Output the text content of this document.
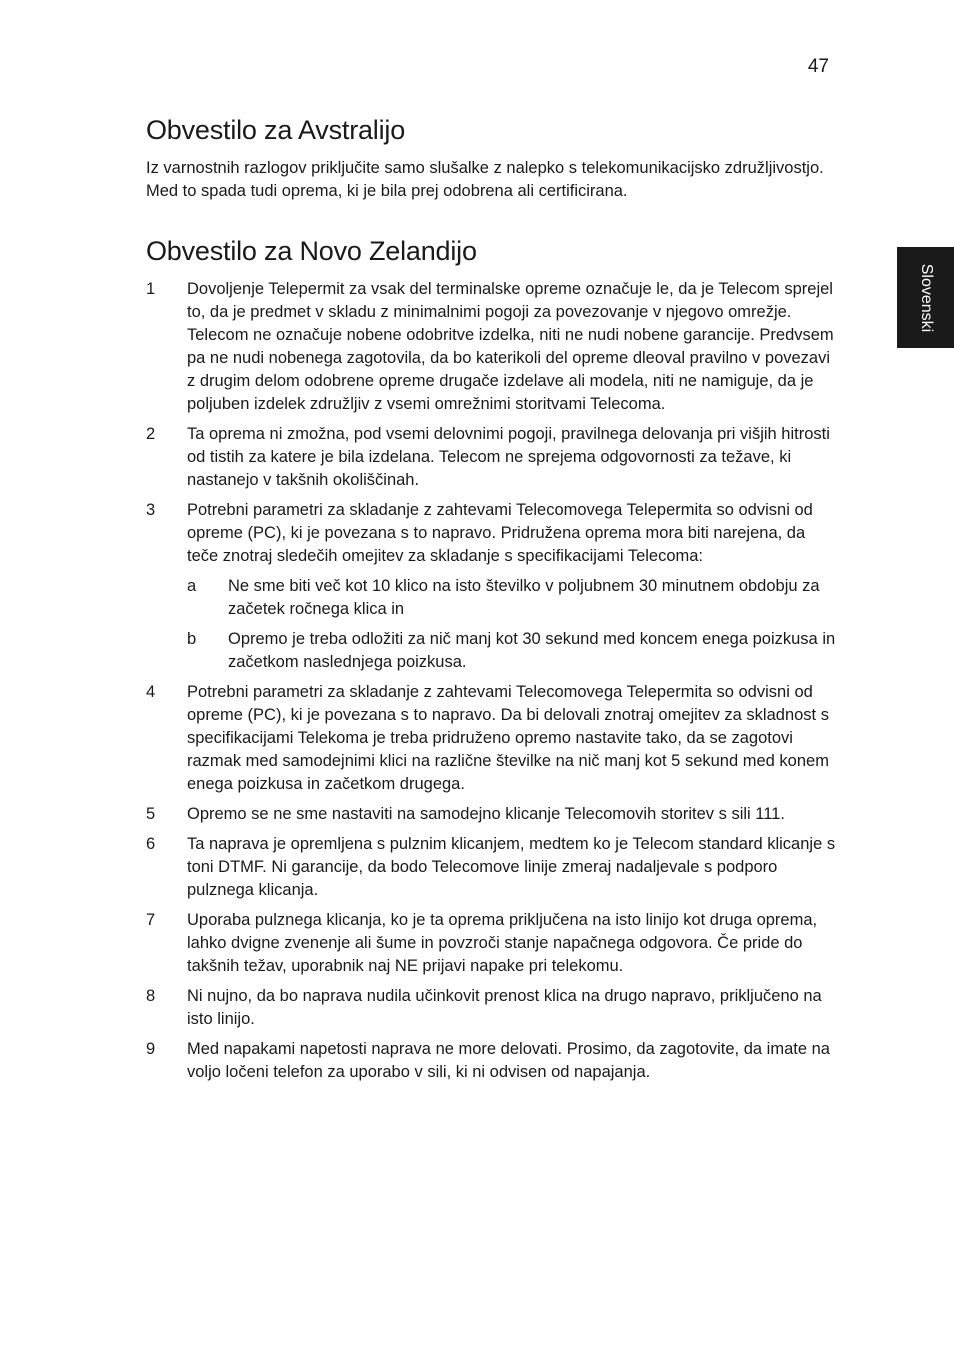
47
Slovenski
Obvestilo za Avstralijo

Iz varnostnih razlogov priključite samo slušalke z nalepko s telekomunikacijsko združljivostjo. Med to spada tudi oprema, ki je bila prej odobrena ali certificirana.

Obvestilo za Novo Zelandijo
1 Dovoljenje Telepermit za vsak del terminalske opreme označuje le, da je Telecom sprejel to, da je predmet v skladu z minimalnimi pogoji za povezovanje v njegovo omrežje. Telecom ne označuje nobene odobritve izdelka, niti ne nudi nobene garancije. Predvsem pa ne nudi nobenega zagotovila, da bo katerikoli del opreme dleoval pravilno v povezavi z drugim delom odobrene opreme drugače izdelave ali modela, niti ne namiguje, da je poljuben izdelek združljiv z vsemi omrežnimi storitvami Telecoma.
2 Ta oprema ni zmožna, pod vsemi delovnimi pogoji, pravilnega delovanja pri višjih hitrosti od tistih za katere je bila izdelana. Telecom ne sprejema odgovornosti za težave, ki nastanejo v takšnih okoliščinah.
3 Potrebni parametri za skladanje z zahtevami Telecomovega Telepermita so odvisni od opreme (PC), ki je povezana s to napravo. Pridružena oprema mora biti narejena, da teče znotraj sledečih omejitev za skladanje s specifikacijami Telecoma:
a Ne sme biti več kot 10 klico na isto številko v poljubnem 30 minutnem obdobju za začetek ročnega klica in
b Opremo je treba odložiti za nič manj kot 30 sekund med koncem enega poizkusa in začetkom naslednjega poizkusa.
4 Potrebni parametri za skladanje z zahtevami Telecomovega Telepermita so odvisni od opreme (PC), ki je povezana s to napravo. Da bi delovali znotraj omejitev za skladnost s specifikacijami Telekoma je treba pridruženo opremo nastavite tako, da se zagotovi razmak med samodejnimi klici na različne številke na nič manj kot 5 sekund med konem enega poizkusa in začetkom drugega.
5 Opremo se ne sme nastaviti na samodejno klicanje Telecomovih storitev s sili 111.
6 Ta naprava je opremljena s pulznim klicanjem, medtem ko je Telecom standard klicanje s toni DTMF. Ni garancije, da bodo Telecomove linije zmeraj nadaljevale s podporo pulznega klicanja.
7 Uporaba pulznega klicanja, ko je ta oprema priključena na isto linijo kot druga oprema, lahko dvigne zvenenje ali šume in povzroči stanje napačnega odgovora. Če pride do takšnih težav, uporabnik naj NE prijavi napake pri telekomu.
8 Ni nujno, da bo naprava nudila učinkovit prenost klica na drugo napravo, priključeno na isto linijo.
9 Med napakami napetosti naprava ne more delovati. Prosimo, da zagotovite, da imate na voljo ločeni telefon za uporabo v sili, ki ni odvisen od napajanja.
